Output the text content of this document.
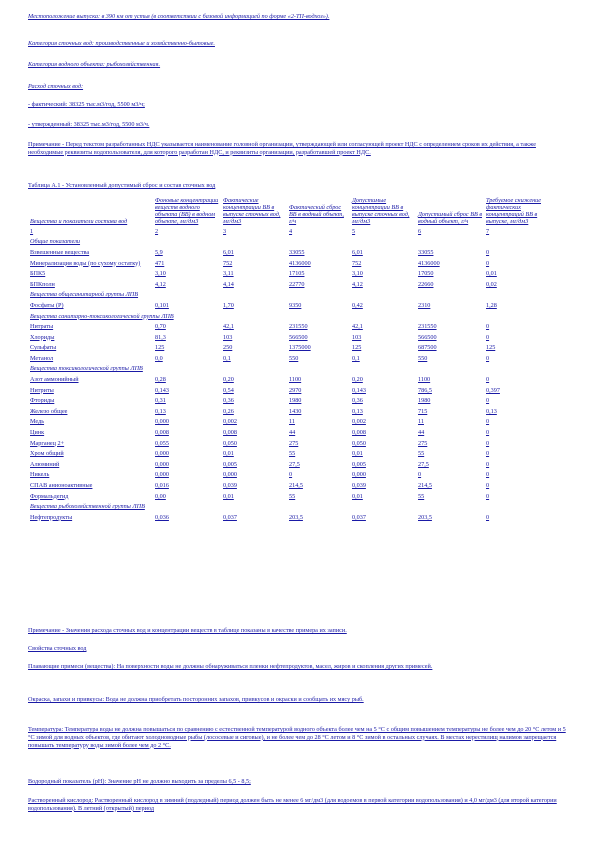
Местоположение выпуска: в 390 км от устья (в соответствии с базовой информацией по форме «2-ТП-водхоз»).

Категория сточных вод: производственные и хозяйственно-бытовые.

Категория водного объекта: рыбохозяйственная.

Расход сточных вод:

- фактический: 38325 тыс.м3/год, 5500 м3/ч;

- утвержденный: 38325 тыс.м3/год, 5500 м3/ч.

Примечание - Перед текстом разработанных НДС указывается наименование головной организации, утверждающей или согласующей проект НДС с определением сроков их действия, а также необходимые реквизиты водопользователя, для которого разработан НДС, и реквизиты организации, разработавшей проект НДС.

Таблица А.1 - Установленный допустимый сброс и состав сточных вод

Вещества и показатели состава вод	Фоновые концентрации веществ водного объекта (ВВ) в водном объекте, мг/дм3	Фактические концентрации ВВ в выпуске сточных вод, мг/дм3	Фактический сброс ВВ в водный объект, г/ч	Допустимые концентрации ВВ в выпуске сточных вод, мг/дм3	Допустимый сброс ВВ в водный объект, г/ч	Требуемое снижение фактических концентраций ВВ в выпуске, мг/дм3
1	2	3	4	5	6	7
Общие показатели						
Взвешенные вещества	5,9	6,01	33055	6,01	33055	0
Минерализация воды (по сухому остатку)	471	752	4136000	752	4136000	0
БПК5	3,10	3,11	17105	3,10	17050	0,01
БПКполн	4,12	4,14	22770	4,12	22660	0,02
Вещества общесанитарной группы ЛПВ						
Фосфаты (P)	0,101	1,70	9350	0,42	2310	1,28
Вещества санитарно-токсикологической группы ЛПВ						
Нитраты	0,70	42,1	231550	42,1	231550	0
Хлориды	81,3	103	566500	103	566500	0
Сульфаты	125	250	1375000	125	687500	125
Метанол	0,0	0,1	550	0,1	550	0
Вещества токсикологической группы ЛПВ						
Азот аммонийный	0,28	0,20	1100	0,20	1100	0
Нитриты	0,143	0,54	2970	0,143	786,5	0,397
Фториды	0,31	0,36	1980	0,36	1980	0
Железо общее	0,13	0,26	1430	0,13	715	0,13
Медь	0,000	0,002	11	0,002	11	0
Цинк	0,008	0,008	44	0,008	44	0
Марганец 2+	0,055	0,050	275	0,050	275	0
Хром общий	0,000	0,01	55	0,01	55	0
Алюминий	0,000	0,005	27,5	0,005	27,5	0
Никель	0,000	0,000	0	0,000	0	0
СПАВ анионоактивные	0,016	0,039	214,5	0,039	214,5	0
Формальдегид	0,00	0,01	55	0,01	55	0
Вещества рыбохозяйственной группы ЛПВ						
Нефтепродукты	0,036	0,037	203,5	0,037	203,5	0

Примечание - Значения расхода сточных вод и концентрации веществ в таблице показаны в качестве примера их записи.

Свойства сточных вод

Плавающие примеси (вещества): На поверхности воды не должны обнаруживаться пленки нефтепродуктов, масел, жиров и скопления других примесей.

Окраска, запахи и привкусы: Вода не должна приобретать посторонних запахов, привкусов и окраски и сообщать их мясу рыб.

Температура: Температура воды не должна повышаться по сравнению с естественной температурой водного объекта более чем на 5 °С с общим повышением температуры не более чем до 20 °С летом и 5 °С зимой для водных объектов, где обитают холодноводные рыбы (лососевые и сиговые), и не более чем до 28 °С летом и 8 °С зимой в остальных случаях. В местах нерестилищ налимов запрещается повышать температуру воды зимой более чем до 2 °С.

Водородный показатель (pH): Значение pH не должно выходить за пределы 6,5 - 8,5;

Растворенный кислород: Растворенный кислород в зимний (подледный) период должен быть не менее 6 мг/дм3 (для водоемов в первой категории водопользования) и 4,0 мг/дм3 (для второй категории водопользования). В летний (открытый) период
